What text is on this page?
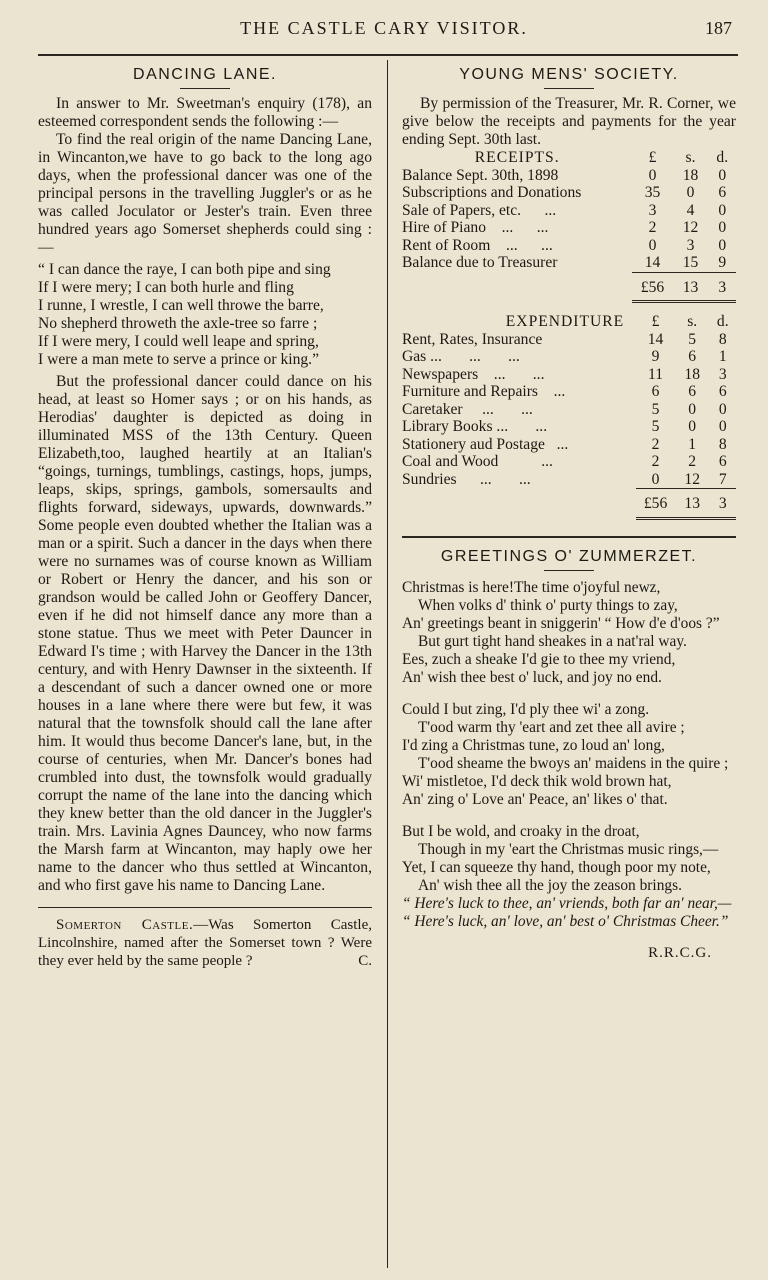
THE CASTLE CARY VISITOR.	187
DANCING LANE.

In answer to Mr. Sweetman's enquiry (178), an esteemed correspondent sends the following :—

To find the real origin of the name Dancing Lane, in Wincanton,we have to go back to the long ago days, when the professional dancer was one of the principal persons in the travelling Juggler's or as he was called Joculator or Jester's train. Even three hundred years ago Somerset shepherds could sing :—

“ I can dance the raye, I can both pipe and sing
If I were mery; I can both hurle and fling
I runne, I wrestle, I can well throwe the barre,
No shepherd throweth the axle-tree so farre ;
If I were mery, I could well leape and spring,
I were a man mete to serve a prince or king.”

But the professional dancer could dance on his head, at least so Homer says ; or on his hands, as Herodias' daughter is depicted as doing in illuminated MSS of the 13th Century. Queen Elizabeth,too, laughed heartily at an Italian's “goings, turnings, tumblings, castings, hops, jumps, leaps, skips, springs, gambols, somersaults and flights forward, sideways, upwards, downwards.” Some people even doubted whether the Italian was a man or a spirit. Such a dancer in the days when there were no surnames was of course known as William or Robert or Henry the dancer, and his son or grandson would be called John or Geoffery Dancer, even if he did not himself dance any more than a stone statue. Thus we meet with Peter Dauncer in Edward I's time ; with Harvey the Dancer in the 13th century, and with Henry Dawnser in the sixteenth. If a descendant of such a dancer owned one or more houses in a lane where there were but few, it was natural that the townsfolk should call the lane after him. It would thus become Dancer's lane, but, in the course of centuries, when Mr. Dancer's bones had crumbled into dust, the townsfolk would gradually corrupt the name of the lane into the dancing which they knew better than the old dancer in the Juggler's train. Mrs. Lavinia Agnes Dauncey, who now farms the Marsh farm at Wincanton, may haply owe her name to the dancer who thus settled at Wincanton, and who first gave his name to Dancing Lane.

Somerton Castle.—Was Somerton Castle, Lincolnshire, named after the Somerset town ? Were they ever held by the same people ?	C.
YOUNG MENS' SOCIETY.

By permission of the Treasurer, Mr. R. Corner, we give below the receipts and payments for the year ending Sept. 30th last.

RECEIPTS.	£	s.	d.
Balance Sept. 30th, 1898	0	18	0
Subscriptions and Donations	35	0	6
Sale of Papers, etc.      ...	3	4	0
Hire of Piano    ...      ...	2	12	0
Rent of Room    ...      ...	0	3	0
Balance due to Treasurer	14	15	9
	£56	13	3
EXPENDITURE	£	s.	d.
Rent, Rates, Insurance	14	5	8
Gas ...       ...       ...	9	6	1
Newspapers    ...       ...	11	18	3
Furniture and Repairs    ...	6	6	6
Caretaker     ...       ...	5	0	0
Library Books ...       ...	5	0	0
Stationery aud Postage   ...	2	1	8
Coal and Wood           ...	2	2	6
Sundries      ...       ...	0	12	7
	£56	13	3
GREETINGS O' ZUMMERZET.

Christmas is here!The time o'joyful newz,

When volks d' think o' purty things to zay,

An' greetings beant in sniggerin' “ How d'e d'oos ?”

But gurt tight hand sheakes in a nat'ral way.

Ees, zuch a sheake I'd gie to thee my vriend,

An' wish thee best o' luck, and joy no end.

Could I but zing, I'd ply thee wi' a zong.

T'ood warm thy 'eart and zet thee all avire ;

I'd zing a Christmas tune, zo loud an' long,

T'ood sheame the bwoys an' maidens in the quire ;

Wi' mistletoe, I'd deck thik wold brown hat,

An' zing o' Love an' Peace, an' likes o' that.

But I be wold, and croaky in the droat,

Though in my 'eart the Christmas music rings,—

Yet, I can squeeze thy hand, though poor my note,

An' wish thee all the joy the zeason brings.

“ Here's luck to thee, an' vriends, both far an' near,—

“ Here's luck, an' love, an' best o' Christmas Cheer.”

R.R.C.G.
